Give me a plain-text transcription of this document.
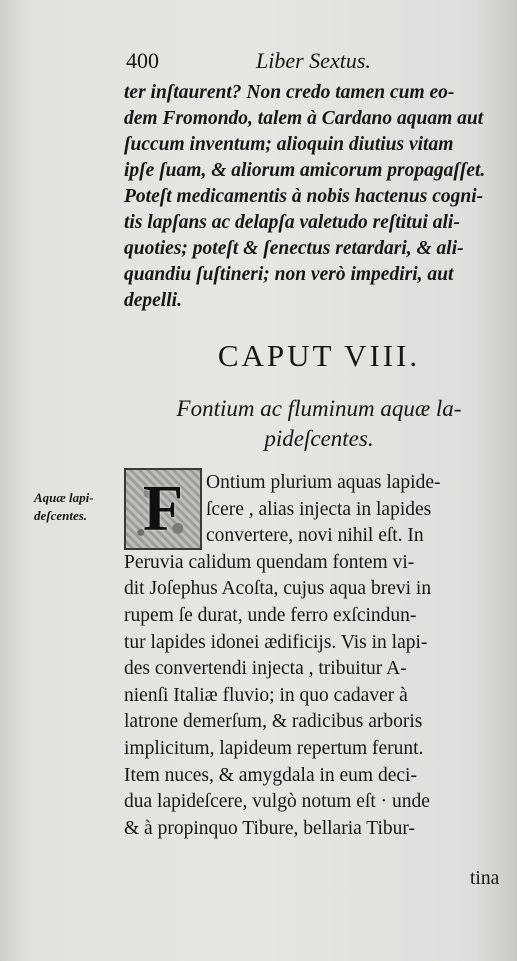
400	Liber Sextus.
ter inſtaurent? Non credo tamen cum eo-
dem Fromondo, talem à Cardano aquam aut
ſuccum inventum; alioquin diutius vitam
ipſe ſuam, & aliorum amicorum propagaſſet.
Poteſt medicamentis à nobis hactenus cogni-
tis lapſans ac delapſa valetudo reſtitui ali-
quoties; poteſt & ſenectus retardari, & ali-
quandiu ſuſtineri; non verò impediri, aut
depelli.
CAPUT VIII.
Fontium ac fluminum aquæ la-
pideſcentes.
Aquæ lapi-
deſcentes. F	Ontium plurium aquas lapide-
ſcere , alias injecta in lapides
convertere, novi nihil eſt. In
Peruvia calidum quendam fontem vi-
dit Joſephus Acoſta, cujus aqua brevi in
rupem ſe durat, unde ferro exſcindun-
tur lapides idonei ædificijs. Vis in lapi-
des convertendi injecta , tribuitur A-
nienſi Italiæ fluvio; in quo cadaver à
latrone demerſum, & radicibus arboris
implicitum, lapideum repertum ferunt.
Item nuces, & amygdala in eum deci-
dua lapideſcere, vulgò notum eſt · unde
& à propinquo Tibure, bellaria Tibur-
tina
